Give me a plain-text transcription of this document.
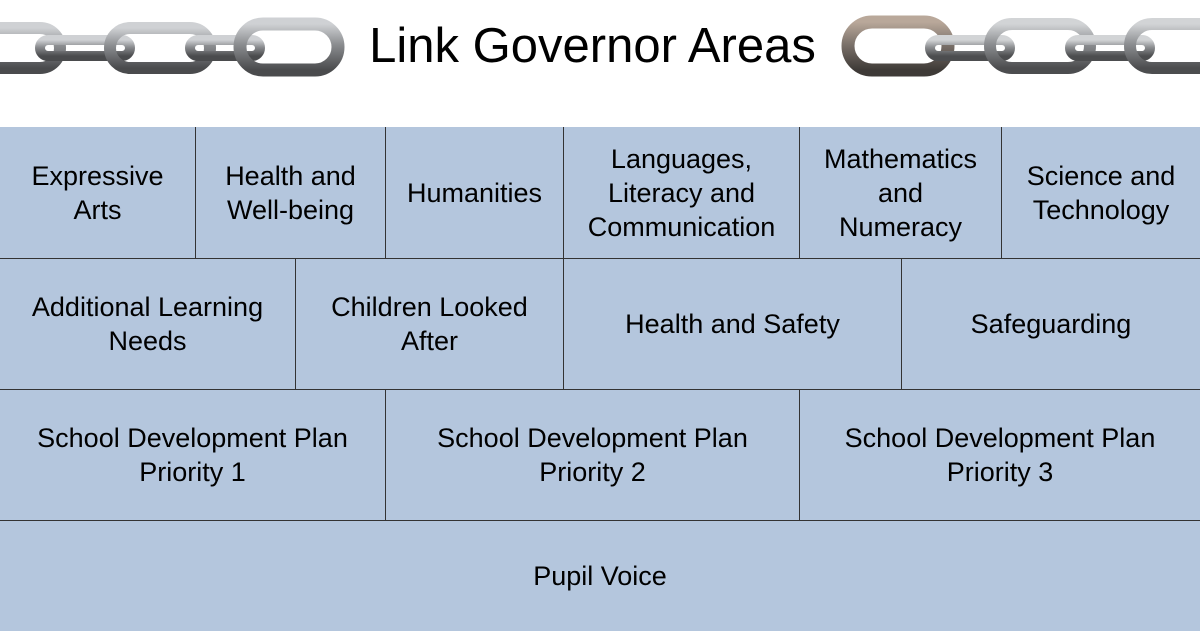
Link Governor Areas
Expressive
Arts
Health and
Well-being
Humanities
Languages,
Literacy and
Communication
Mathematics
and
Numeracy
Science and
Technology
Additional Learning
Needs
Children Looked
After
Health and Safety	Safeguarding
School Development Plan
Priority 1
School Development Plan
Priority 2
School Development Plan
Priority 3
Pupil Voice
